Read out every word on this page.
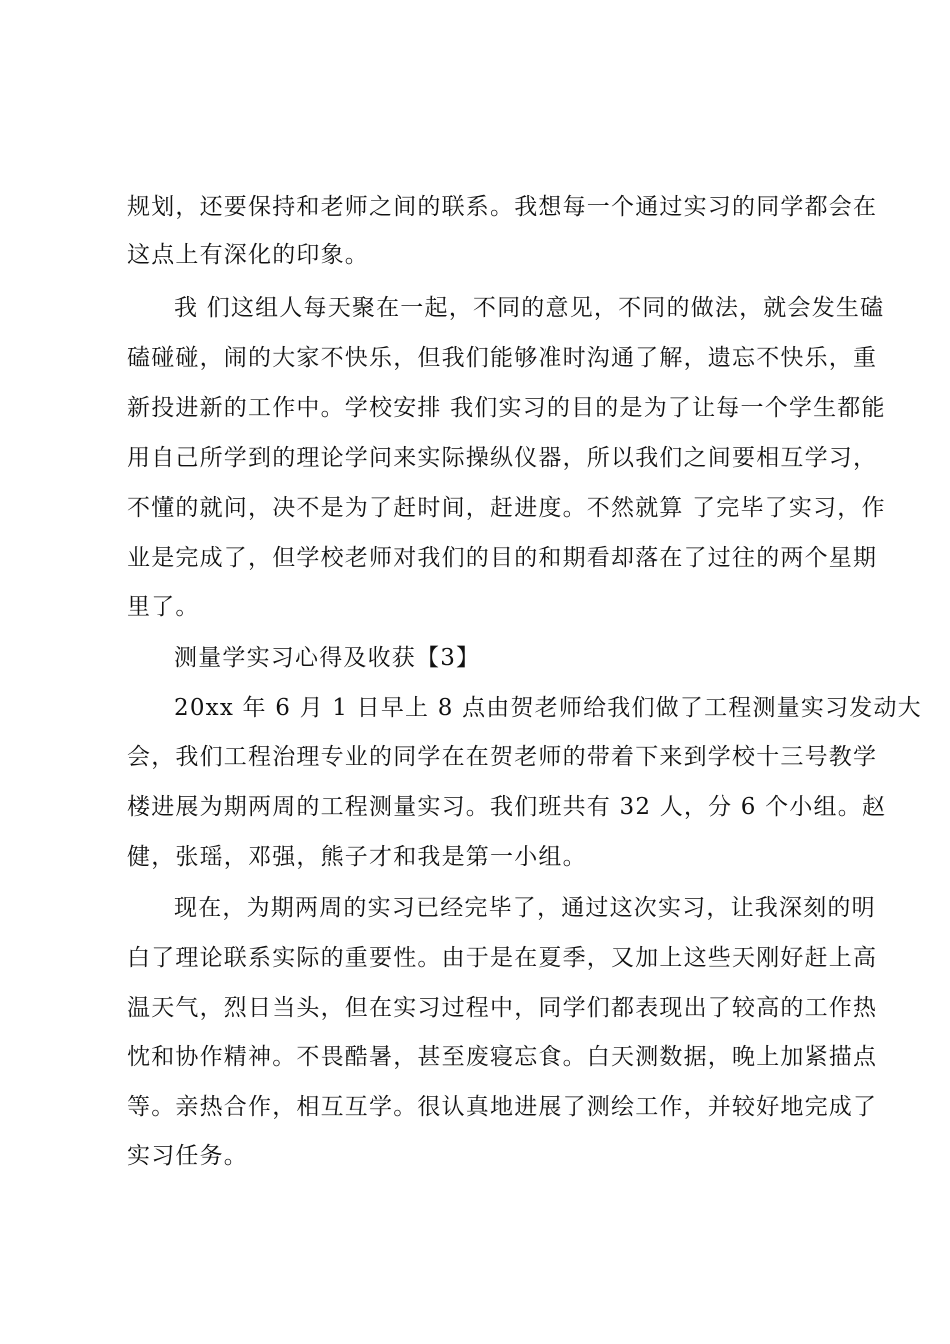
规划，还要保持和老师之间的联系。我想每一个通过实习的同学都会在
这点上有深化的印象。
我 们这组人每天聚在一起，不同的意见，不同的做法，就会发生磕
磕碰碰，闹的大家不快乐，但我们能够准时沟通了解，遗忘不快乐，重
新投进新的工作中。学校安排 我们实习的目的是为了让每一个学生都能
用自己所学到的理论学问来实际操纵仪器，所以我们之间要相互学习，
不懂的就问，决不是为了赶时间，赶进度。不然就算 了完毕了实习，作
业是完成了，但学校老师对我们的目的和期看却落在了过往的两个星期
里了。
测量学实习心得及收获【3】
20xx 年 6 月 1 日早上 8 点由贺老师给我们做了工程测量实习发动大
会，我们工程治理专业的同学在在贺老师的带着下来到学校十三号教学
楼进展为期两周的工程测量实习。我们班共有 32 人，分 6 个小组。赵
健，张瑶，邓强，熊子才和我是第一小组。
现在，为期两周的实习已经完毕了，通过这次实习，让我深刻的明
白了理论联系实际的重要性。由于是在夏季，又加上这些天刚好赶上高
温天气，烈日当头，但在实习过程中，同学们都表现出了较高的工作热
忱和协作精神。不畏酷暑，甚至废寝忘食。白天测数据，晚上加紧描点
等。亲热合作，相互互学。很认真地进展了测绘工作，并较好地完成了
实习任务。
